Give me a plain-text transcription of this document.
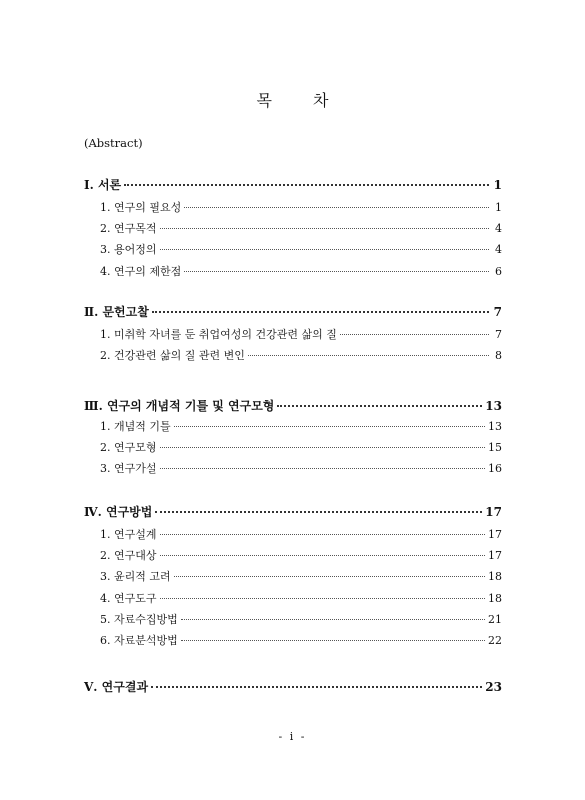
목 차
(Abstract)
Ⅰ. 서론	1
1. 연구의 필요성	1
2. 연구목적	4
3. 용어정의	4
4. 연구의 제한점	6
Ⅱ. 문헌고찰	7
1. 미취학 자녀를 둔 취업여성의 건강관련 삶의 질	7
2. 건강관련 삶의 질 관련 변인	8
Ⅲ. 연구의 개념적 기틀 및 연구모형	13
1. 개념적 기틀	13
2. 연구모형	15
3. 연구가설	16
Ⅳ. 연구방법	17
1. 연구설계	17
2. 연구대상	17
3. 윤리적 고려	18
4. 연구도구	18
5. 자료수집방법	21
6. 자료분석방법	22
Ⅴ. 연구결과	23
- i -
